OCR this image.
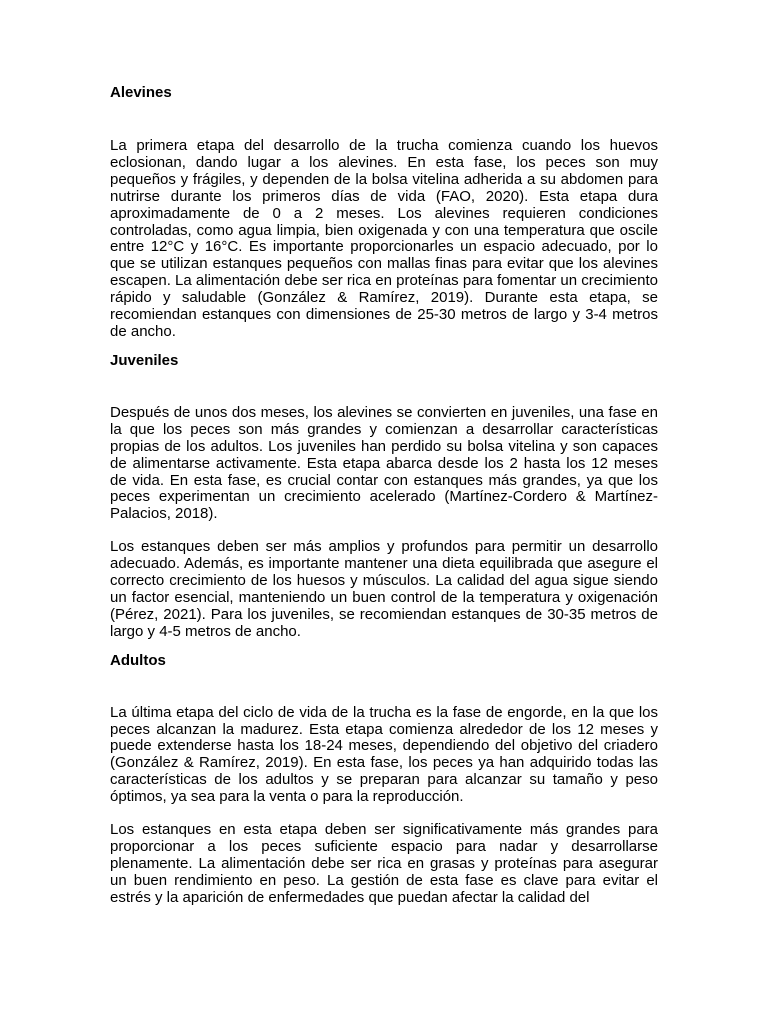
Alevines

La primera etapa del desarrollo de la trucha comienza cuando los huevos eclosionan, dando lugar a los alevines. En esta fase, los peces son muy pequeños y frágiles, y dependen de la bolsa vitelina adherida a su abdomen para nutrirse durante los primeros días de vida (FAO, 2020). Esta etapa dura aproximadamente de 0 a 2 meses. Los alevines requieren condiciones controladas, como agua limpia, bien oxigenada y con una temperatura que oscile entre 12°C y 16°C. Es importante proporcionarles un espacio adecuado, por lo que se utilizan estanques pequeños con mallas finas para evitar que los alevines escapen. La alimentación debe ser rica en proteínas para fomentar un crecimiento rápido y saludable (González & Ramírez, 2019). Durante esta etapa, se recomiendan estanques con dimensiones de 25-30 metros de largo y 3-4 metros de ancho.

Juveniles

Después de unos dos meses, los alevines se convierten en juveniles, una fase en la que los peces son más grandes y comienzan a desarrollar características propias de los adultos. Los juveniles han perdido su bolsa vitelina y son capaces de alimentarse activamente. Esta etapa abarca desde los 2 hasta los 12 meses de vida. En esta fase, es crucial contar con estanques más grandes, ya que los peces experimentan un crecimiento acelerado (Martínez-Cordero & Martínez-Palacios, 2018).

Los estanques deben ser más amplios y profundos para permitir un desarrollo adecuado. Además, es importante mantener una dieta equilibrada que asegure el correcto crecimiento de los huesos y músculos. La calidad del agua sigue siendo un factor esencial, manteniendo un buen control de la temperatura y oxigenación (Pérez, 2021). Para los juveniles, se recomiendan estanques de 30-35 metros de largo y 4-5 metros de ancho.

Adultos

La última etapa del ciclo de vida de la trucha es la fase de engorde, en la que los peces alcanzan la madurez. Esta etapa comienza alrededor de los 12 meses y puede extenderse hasta los 18-24 meses, dependiendo del objetivo del criadero (González & Ramírez, 2019). En esta fase, los peces ya han adquirido todas las características de los adultos y se preparan para alcanzar su tamaño y peso óptimos, ya sea para la venta o para la reproducción.

Los estanques en esta etapa deben ser significativamente más grandes para proporcionar a los peces suficiente espacio para nadar y desarrollarse plenamente. La alimentación debe ser rica en grasas y proteínas para asegurar un buen rendimiento en peso. La gestión de esta fase es clave para evitar el estrés y la aparición de enfermedades que puedan afectar la calidad del
